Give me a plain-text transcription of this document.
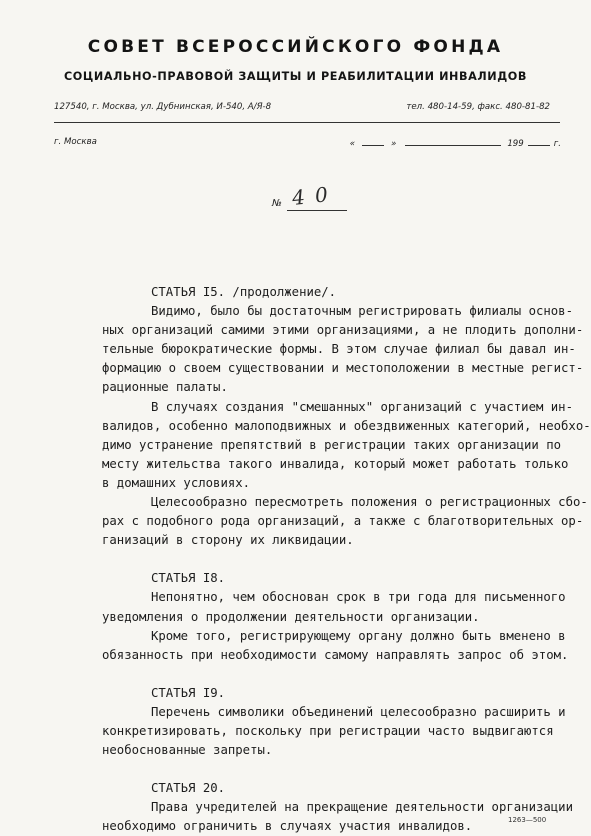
СОВЕТ ВСЕРОССИЙСКОГО ФОНДА
СОЦИАЛЬНО-ПРАВОВОЙ ЗАЩИТЫ И РЕАБИЛИТАЦИИ ИНВАЛИДОВ
127540, г. Москва, ул. Дубнинская, И-540, А/Я-8	тел. 480-14-59, факс. 480-81-82
г. Москва	«	»	199	г.
№ 4 0
СТАТЬЯ I5. /продолжение/.
Видимо, было бы достаточным регистрировать филиалы основ-
ных организаций самими этими организациями, а не плодить дополни-
тельные бюрократические формы. В этом случае филиал бы давал ин-
формацию о своем существовании и местоположении в местные регист-
рационные палаты.
В случаях создания "смешанных" организаций с участием ин-
валидов, особенно малоподвижных и обездвиженных категорий, необхо-
димо устранение препятствий в регистрации таких организации по
месту жительства такого инвалида, который может работать только
в домашних условиях.
Целесообразно пересмотреть положения о регистрационных сбо-
рах с подобного рода организаций, а также с благотворительных ор-
ганизаций в сторону их ликвидации.
СТАТЬЯ I8.
Непонятно, чем обоснован срок в три года для письменного
уведомления о продолжении деятельности организации.
Кроме того, регистрирующему органу должно быть вменено в
обязанность при необходимости самому направлять запрос об этом.
СТАТЬЯ I9.
Перечень символики объединений целесообразно расширить и
конкретизировать, поскольку при регистрации часто выдвигаются
необоснованные запреты.
СТАТЬЯ 20.
Права учредителей на прекращение деятельности организации
необходимо ограничить в случаях участия инвалидов.	1263—500
